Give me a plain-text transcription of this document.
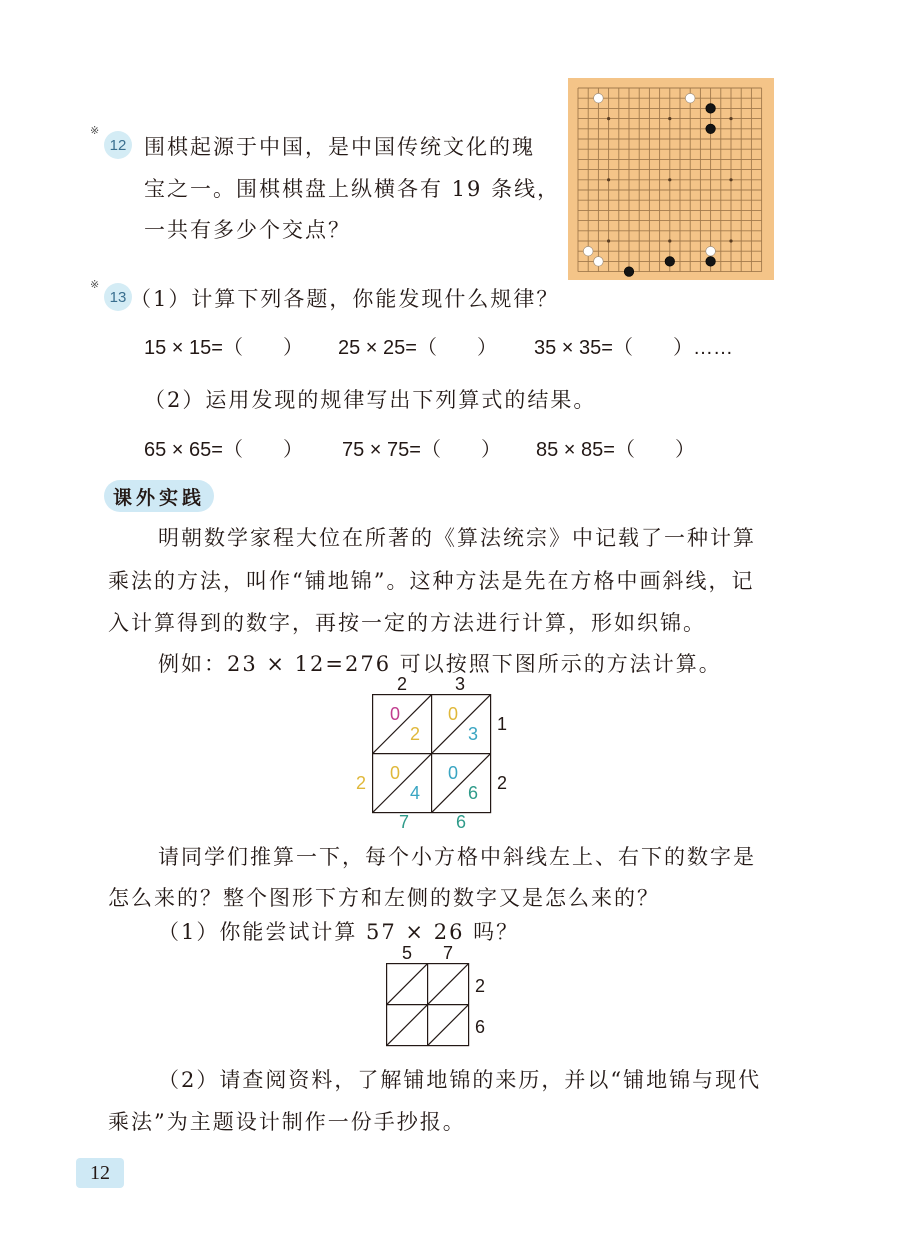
※
12 围棋起源于中国，是中国传统文化的瑰
宝之一。围棋棋盘上纵横各有 19 条线，
一共有多少个交点？
※
13 （1）计算下列各题，你能发现什么规律？
15 × 15=（　　） 25 × 25=（　　） 35 × 35=（　　）……
（2）运用发现的规律写出下列算式的结果。
65 × 65=（　　） 75 × 75=（　　） 85 × 85=（　　）
课外实践
明朝数学家程大位在所著的《算法统宗》中记载了一种计算
乘法的方法，叫作“铺地锦”。这种方法是先在方格中画斜线，记
入计算得到的数字，再按一定的方法进行计算，形如织锦。
例如：23 × 12=276 可以按照下图所示的方法计算。
2	3
0
2
0
3
0
4
0
6
1
2
2
7	6
请同学们推算一下，每个小方格中斜线左上、右下的数字是
怎么来的？整个图形下方和左侧的数字又是怎么来的？
（1）你能尝试计算 57 × 26 吗？
5 7
2
6
（2）请查阅资料，了解铺地锦的来历，并以“铺地锦与现代
乘法”为主题设计制作一份手抄报。
12
